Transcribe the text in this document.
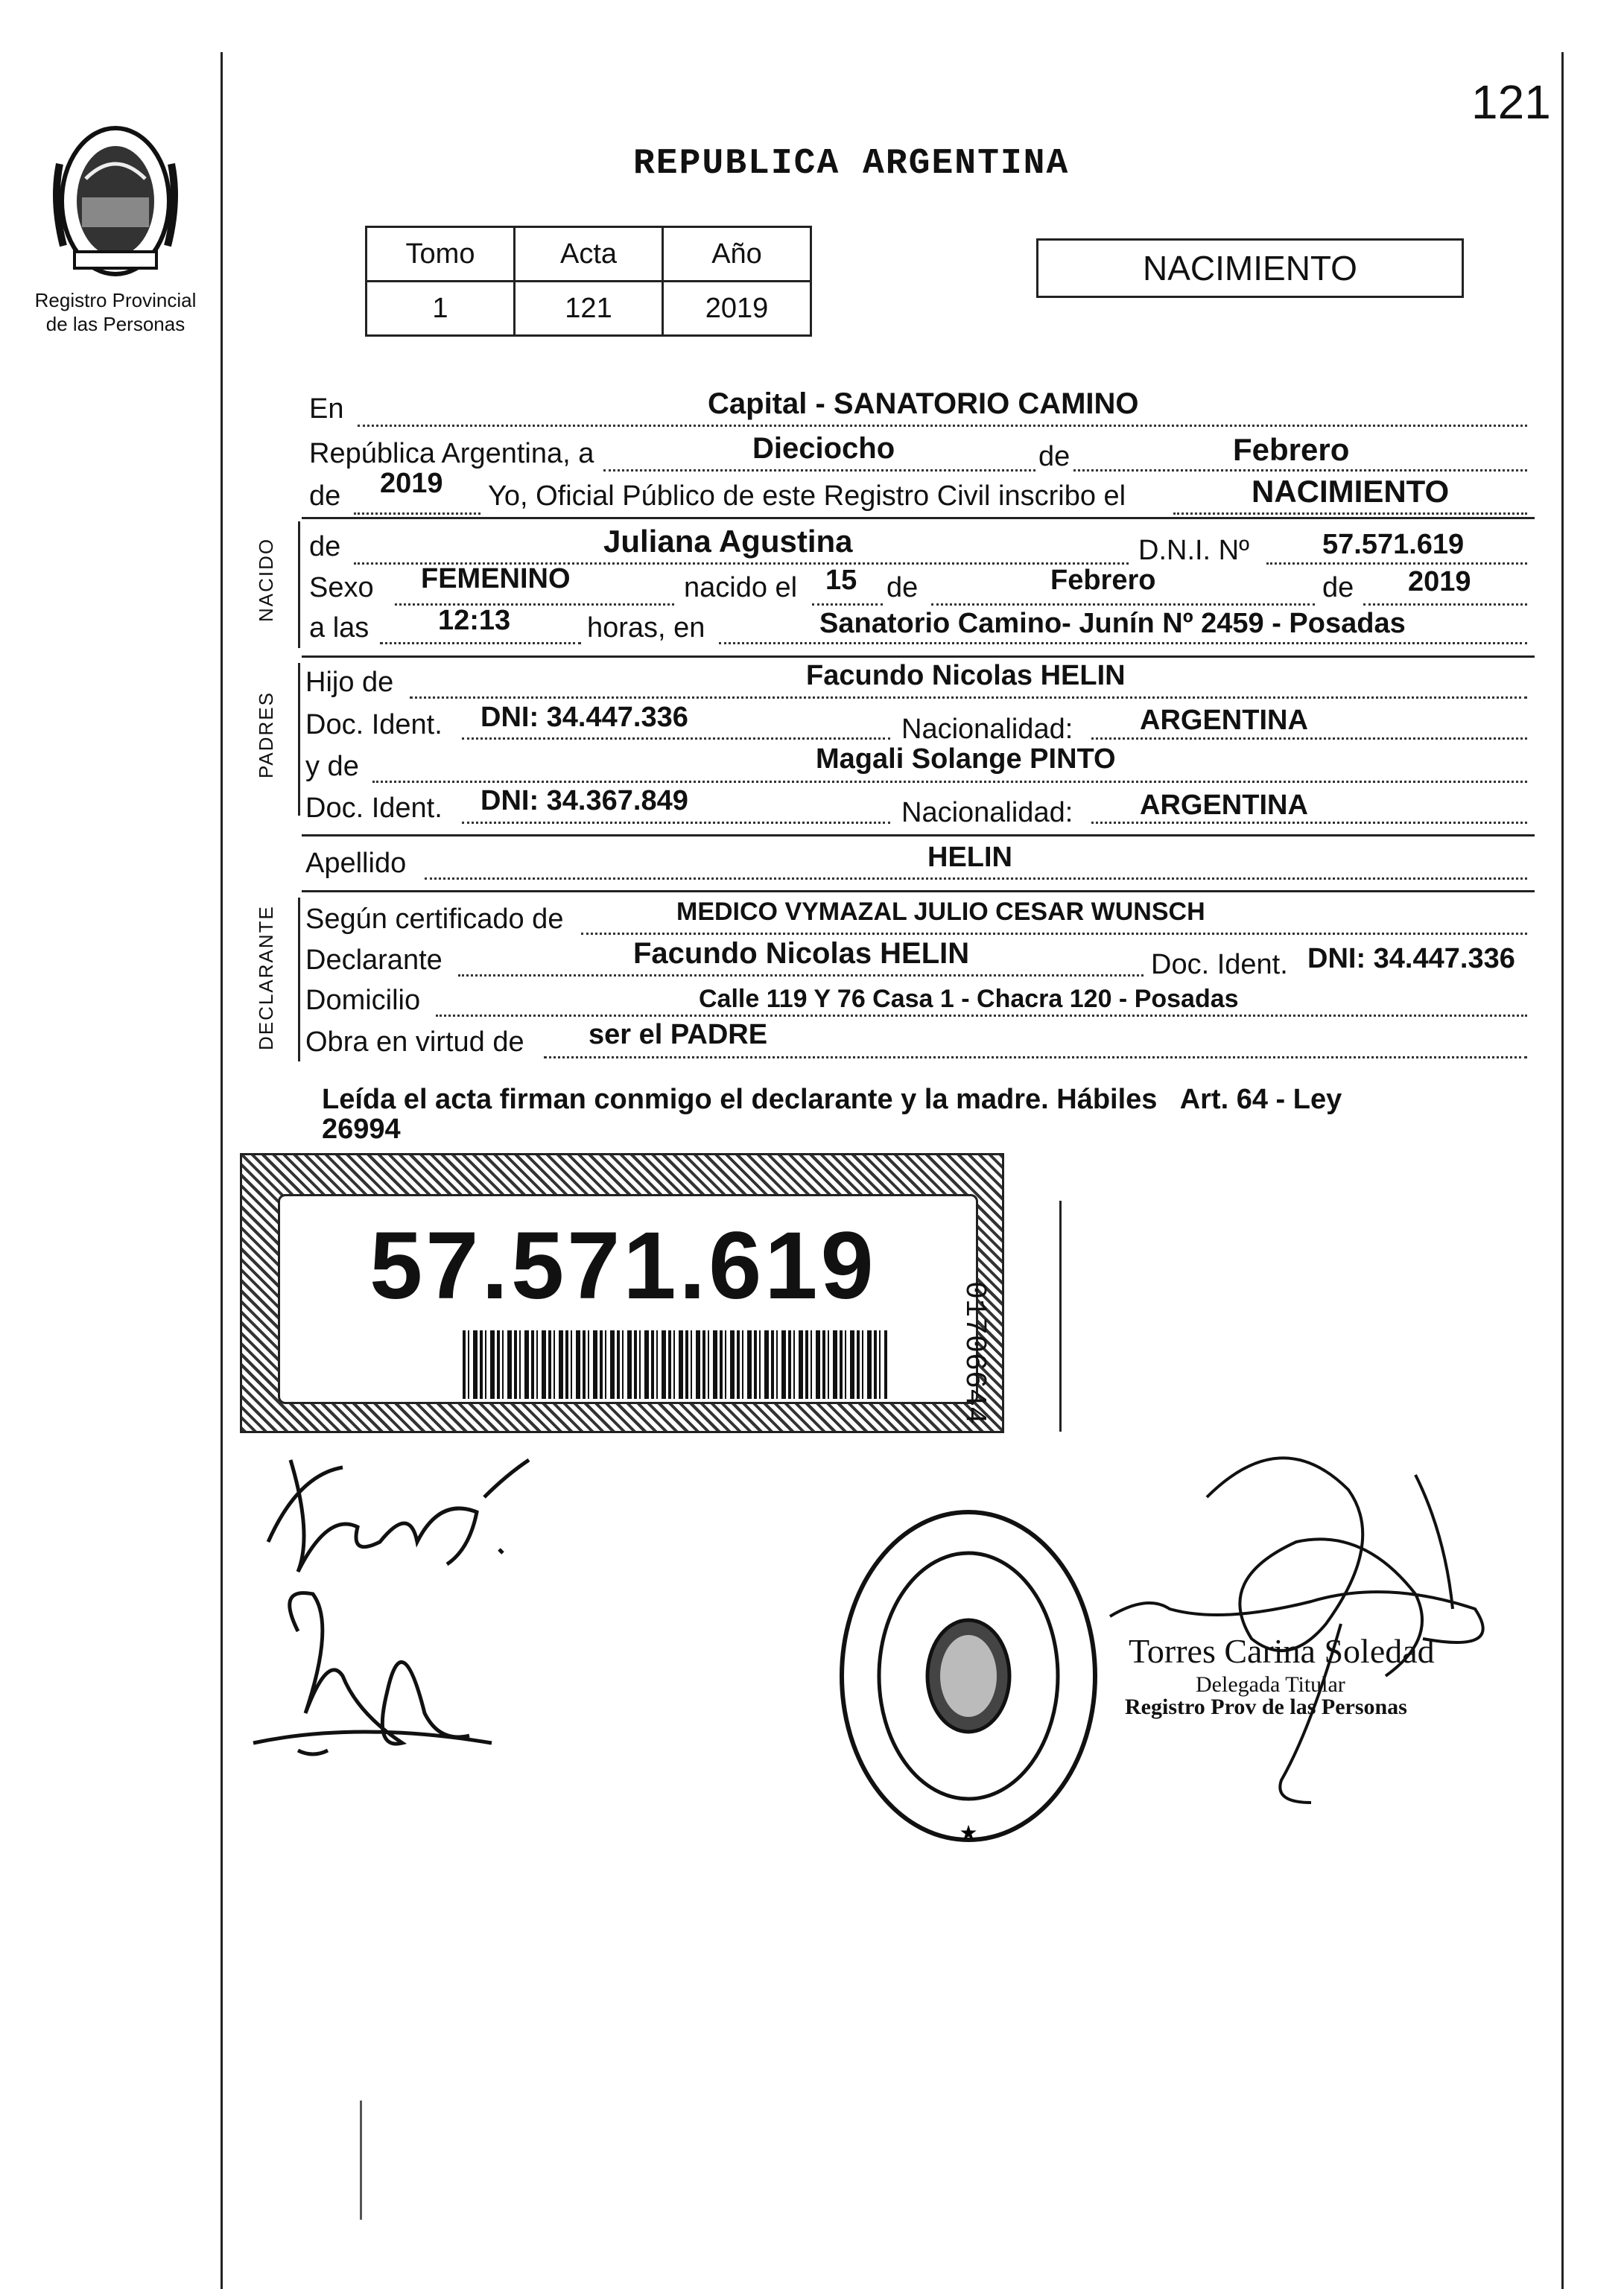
121
Registro Provincial
de las Personas
REPUBLICA ARGENTINA
Tomo	Acta	Año
1	121	2019
NACIMIENTO
En	Capital - SANATORIO CAMINO
República Argentina, a	Dieciocho	de	Febrero
de 2019 Yo, Oficial Público de este Registro Civil inscribo el	NACIMIENTO
NACIDO de	Juliana Agustina	D.N.I. Nº	57.571.619
Sexo FEMENINO	nacido el 15 de	Febrero	de 2019
a las 12:13	horas, en	Sanatorio Camino- Junín Nº 2459 - Posadas
PADRES
Hijo de	Facundo Nicolas HELIN
Doc. Ident. DNI: 34.447.336	Nacionalidad: ARGENTINA
y de	Magali Solange PINTO
Doc. Ident. DNI: 34.367.849	Nacionalidad: ARGENTINA
Apellido	HELIN
DECLARANTE Según certificado de	MEDICO VYMAZAL JULIO CESAR WUNSCH
Declarante	Facundo Nicolas HELIN	Doc. Ident. DNI: 34.447.336
Domicilio	Calle 119 Y 76 Casa 1 - Chacra 120 - Posadas
Obra en virtud de ser el PADRE
Leída el acta firman conmigo el declarante y la madre. Hábiles   Art. 64 - Ley
26994
57.571.619
01706644
★
Torres Carina Soledad
Delegada Titular
Registro Prov de las Personas
